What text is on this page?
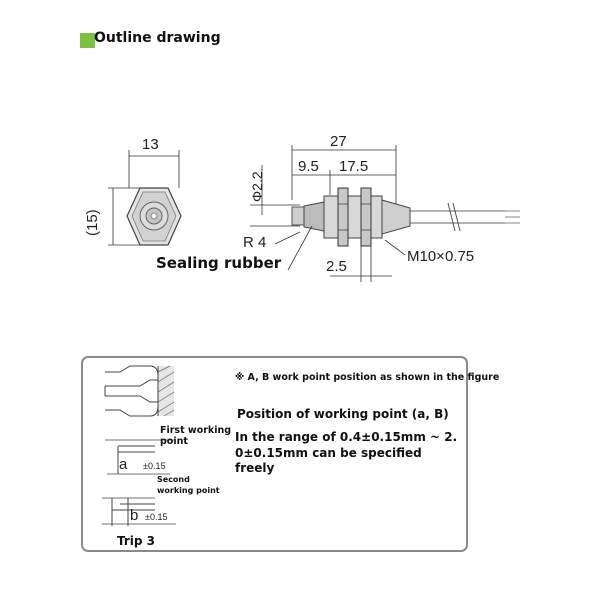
Outline drawing
13
(15)
27
9.5 17.5
Φ2.2
R 4
Sealing rubber	M10×0.75
2.5
※ A, B work point position as shown in the figure
First working
point
a ±0.15
Second
working point
b ±0.15
Trip 3
Position of working point (a, B)
In the range of 0.4±0.15mm ~ 2.
0±0.15mm can be specified
freely
